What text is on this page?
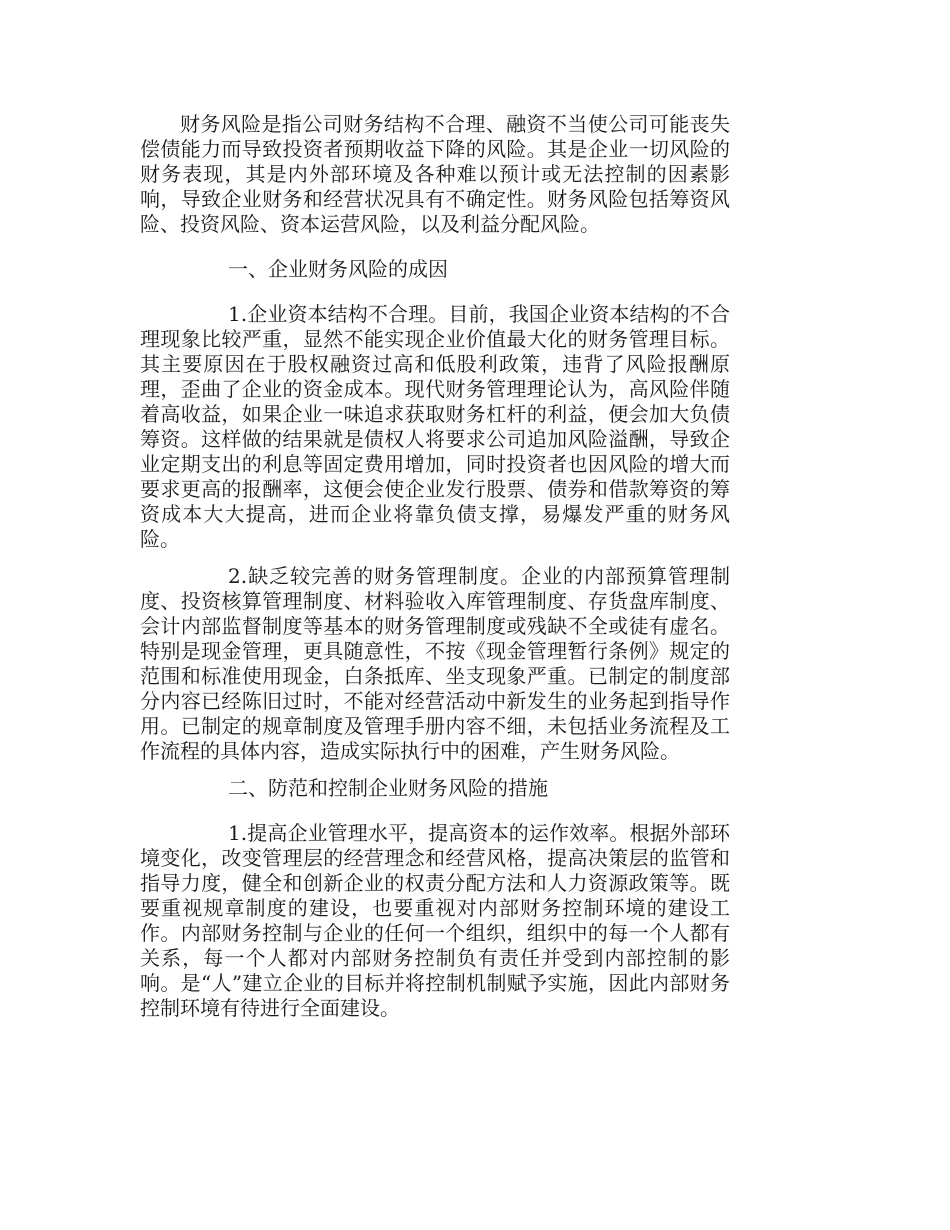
财务风险是指公司财务结构不合理、融资不当使公司可能丧失偿债能力而导致投资者预期收益下降的风险。其是企业一切风险的财务表现，其是内外部环境及各种难以预计或无法控制的因素影响，导致企业财务和经营状况具有不确定性。财务风险包括筹资风险、投资风险、资本运营风险，以及利益分配风险。

一、企业财务风险的成因

1.企业资本结构不合理。目前，我国企业资本结构的不合理现象比较严重，显然不能实现企业价值最大化的财务管理目标。其主要原因在于股权融资过高和低股利政策，违背了风险报酬原理，歪曲了企业的资金成本。现代财务管理理论认为，高风险伴随着高收益，如果企业一味追求获取财务杠杆的利益，便会加大负债筹资。这样做的结果就是债权人将要求公司追加风险溢酬，导致企业定期支出的利息等固定费用增加，同时投资者也因风险的增大而要求更高的报酬率，这便会使企业发行股票、债券和借款筹资的筹资成本大大提高，进而企业将靠负债支撑，易爆发严重的财务风险。

2.缺乏较完善的财务管理制度。企业的内部预算管理制度、投资核算管理制度、材料验收入库管理制度、存货盘库制度、会计内部监督制度等基本的财务管理制度或残缺不全或徒有虚名。特别是现金管理，更具随意性，不按《现金管理暂行条例》规定的范围和标准使用现金，白条抵库、坐支现象严重。已制定的制度部分内容已经陈旧过时，不能对经营活动中新发生的业务起到指导作用。已制定的规章制度及管理手册内容不细，未包括业务流程及工作流程的具体内容，造成实际执行中的困难，产生财务风险。

二、防范和控制企业财务风险的措施

1.提高企业管理水平，提高资本的运作效率。根据外部环境变化，改变管理层的经营理念和经营风格，提高决策层的监管和指导力度，健全和创新企业的权责分配方法和人力资源政策等。既要重视规章制度的建设，也要重视对内部财务控制环境的建设工作。内部财务控制与企业的任何一个组织，组织中的每一个人都有关系，每一个人都对内部财务控制负有责任并受到内部控制的影响。是“人”建立企业的目标并将控制机制赋予实施，因此内部财务控制环境有待进行全面建设。
